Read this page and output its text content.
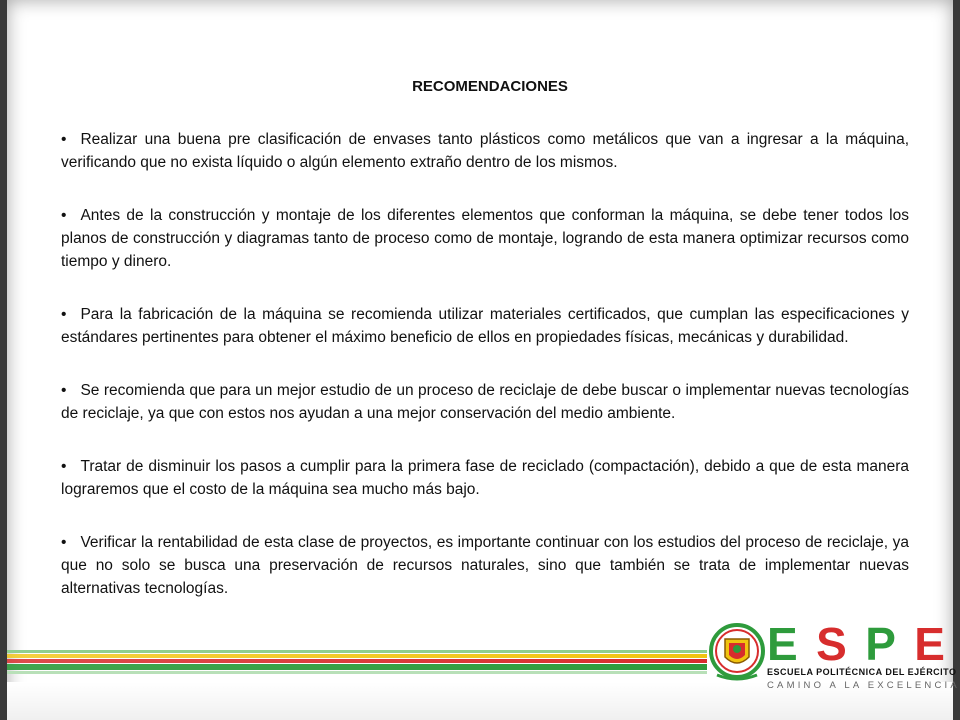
RECOMENDACIONES

• Realizar una buena pre clasificación de envases tanto plásticos como metálicos que van a ingresar a la máquina, verificando que no exista líquido o algún elemento extraño dentro de los mismos.

• Antes de la construcción y montaje de los diferentes elementos que conforman la máquina, se debe tener todos los planos de construcción y diagramas tanto de proceso como de montaje, logrando de esta manera optimizar recursos como tiempo y dinero.

• Para la fabricación de la máquina se recomienda utilizar materiales certificados, que cumplan las especificaciones y estándares pertinentes para obtener el máximo beneficio de ellos en propiedades físicas, mecánicas y durabilidad.

• Se recomienda que para un mejor estudio de un proceso de reciclaje de debe buscar o implementar nuevas tecnologías de reciclaje, ya que con estos nos ayudan a una mejor conservación del medio ambiente.

• Tratar de disminuir los pasos a cumplir para la primera fase de reciclado (compactación), debido a que de esta manera lograremos que el costo de la máquina sea mucho más bajo.

• Verificar la rentabilidad de esta clase de proyectos, es importante continuar con los estudios del proceso de reciclaje, ya que no solo se busca una preservación de recursos naturales, sino que también se trata de implementar nuevas alternativas tecnologías.

E S P E
ESCUELA POLITÉCNICA DEL EJÉRCITO
CAMINO A LA EXCELENCIA
